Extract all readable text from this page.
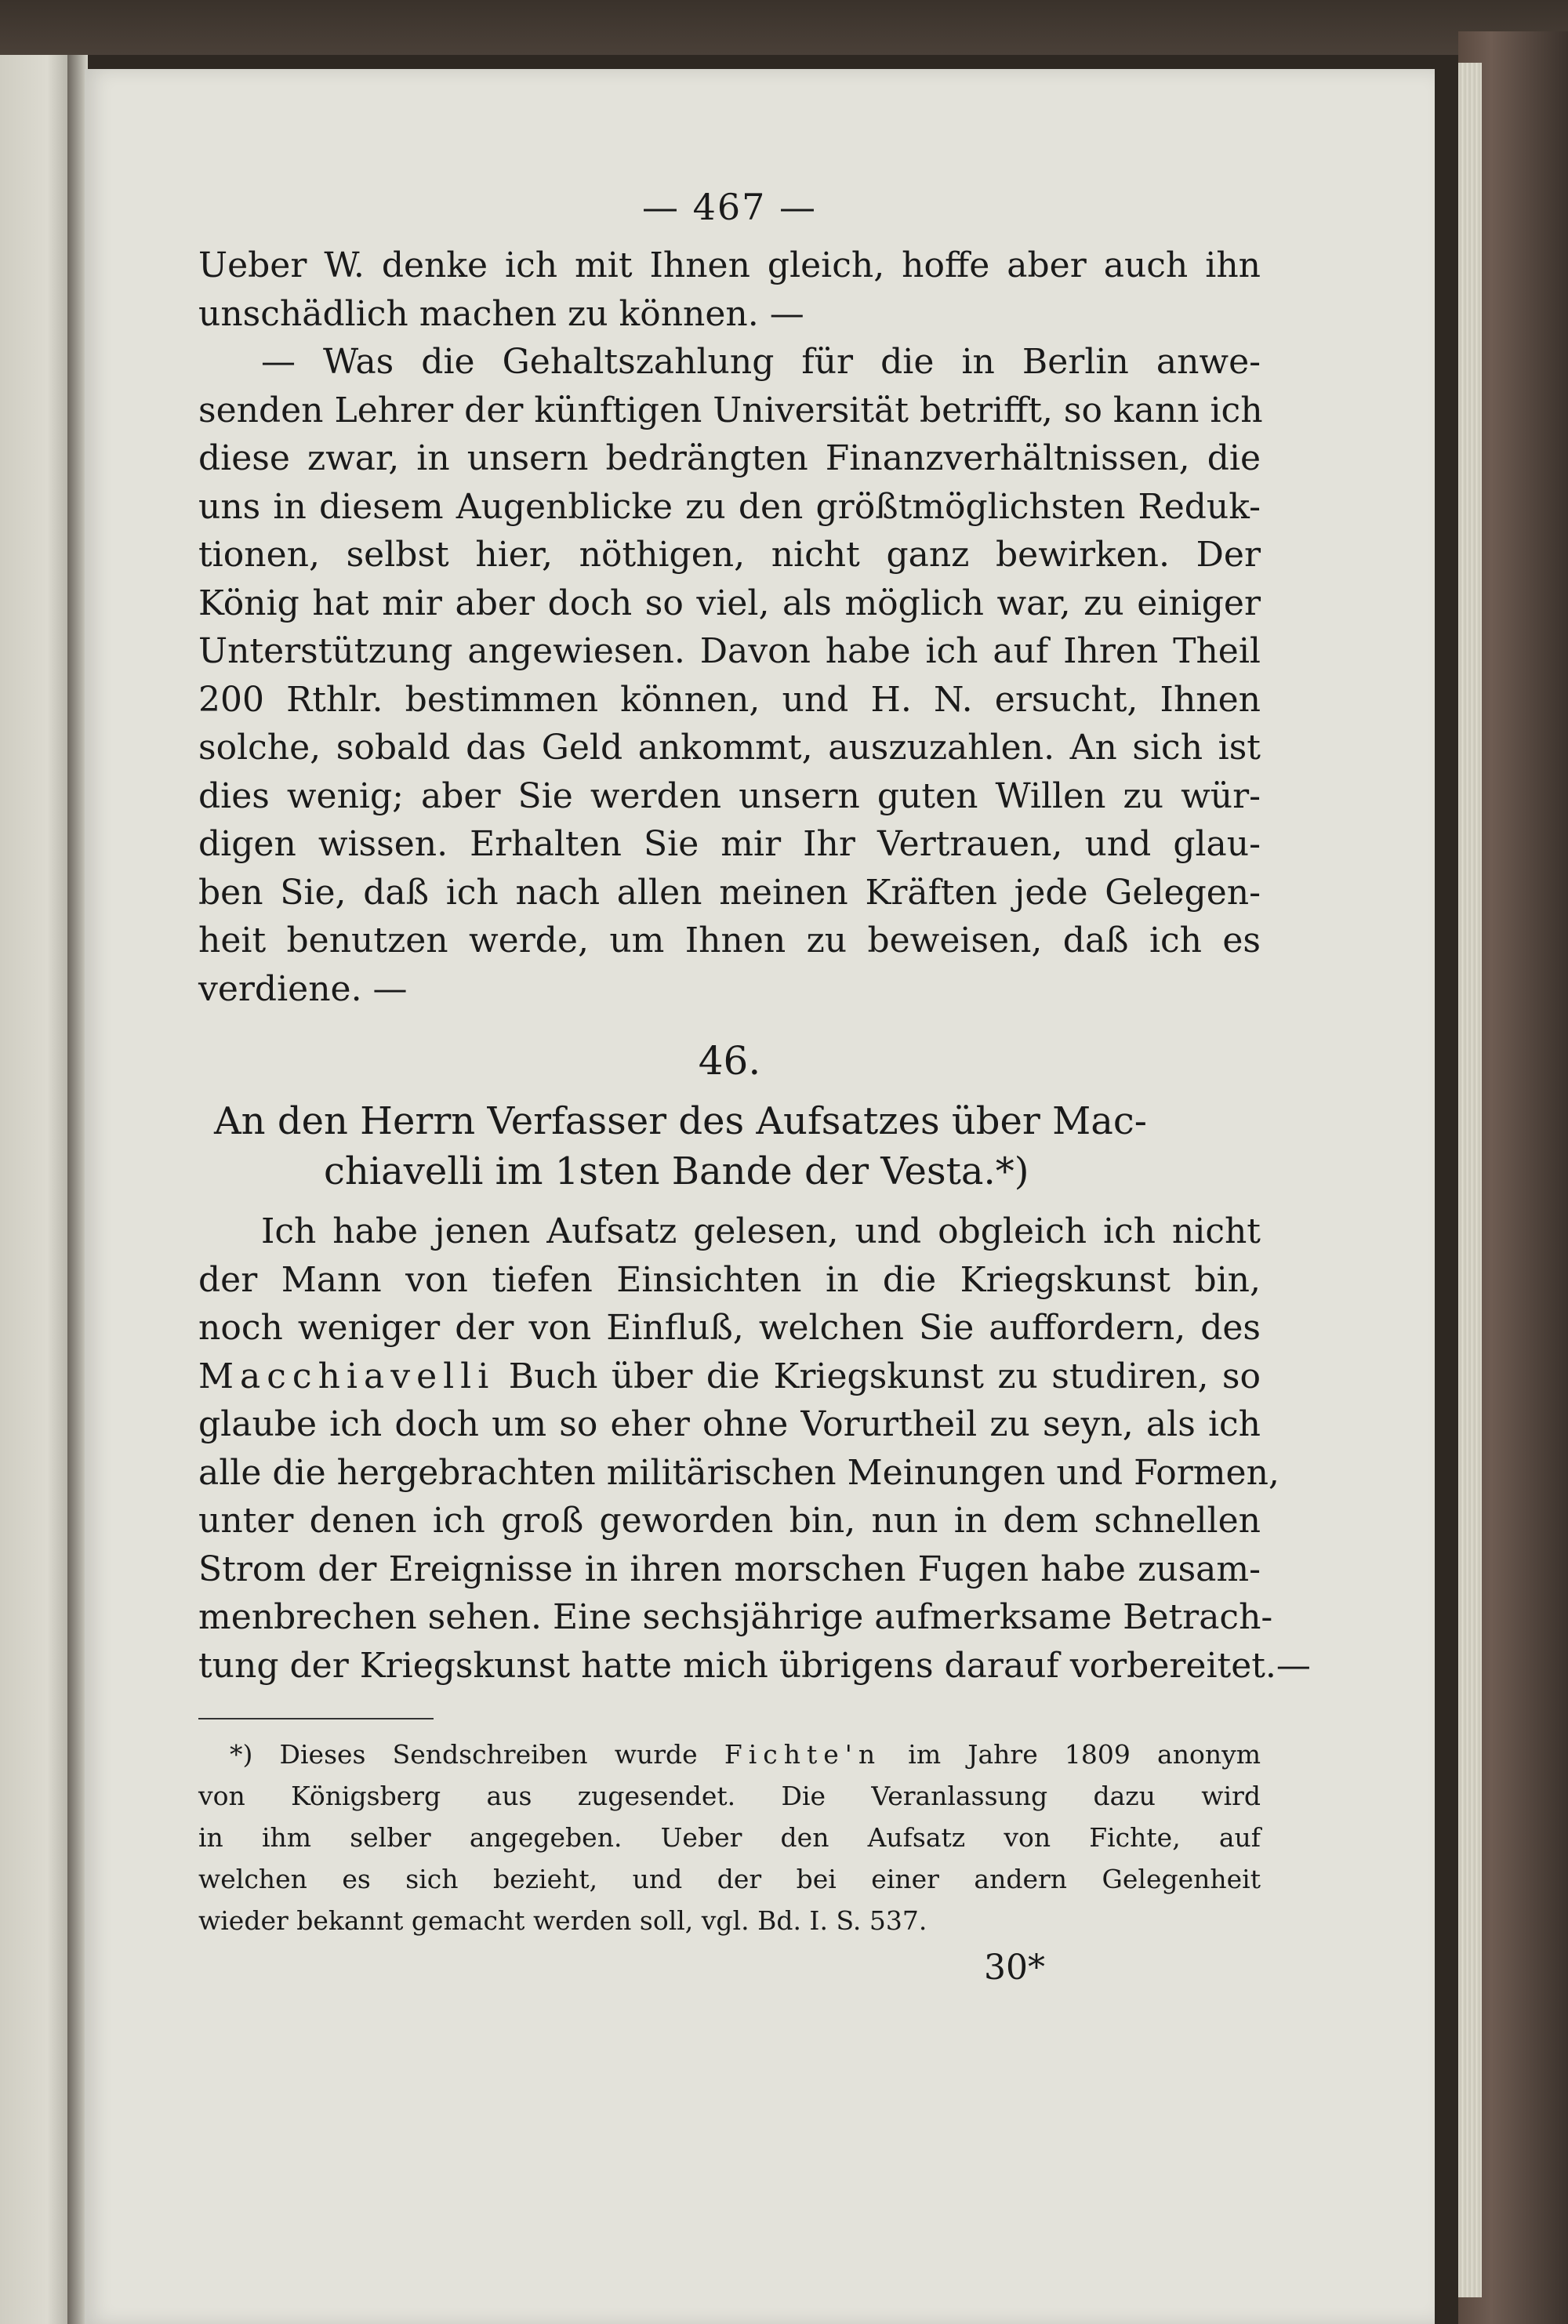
— 467 —
Ueber W. denke ich mit Ihnen gleich, hoffe aber auch ihn
unschädlich machen zu können. —
— Was die Gehaltszahlung für die in Berlin anwe-
senden Lehrer der künftigen Universität betrifft, so kann ich
diese zwar, in unsern bedrängten Finanzverhältnissen, die
uns in diesem Augenblicke zu den größtmöglichsten Reduk-
tionen, selbst hier, nöthigen, nicht ganz bewirken. Der
König hat mir aber doch so viel, als möglich war, zu einiger
Unterstützung angewiesen. Davon habe ich auf Ihren Theil
200 Rthlr. bestimmen können, und H. N. ersucht, Ihnen
solche, sobald das Geld ankommt, auszuzahlen. An sich ist
dies wenig; aber Sie werden unsern guten Willen zu wür-
digen wissen. Erhalten Sie mir Ihr Vertrauen, und glau-
ben Sie, daß ich nach allen meinen Kräften jede Gelegen-
heit benutzen werde, um Ihnen zu beweisen, daß ich es
verdiene. —
46.
An den Herrn Verfasser des Aufsatzes über Mac-
chiavelli im 1sten Bande der Vesta.*)
Ich habe jenen Aufsatz gelesen, und obgleich ich nicht
der Mann von tiefen Einsichten in die Kriegskunst bin,
noch weniger der von Einfluß, welchen Sie auffordern, des
Macchiavelli Buch über die Kriegskunst zu studiren, so
glaube ich doch um so eher ohne Vorurtheil zu seyn, als ich
alle die hergebrachten militärischen Meinungen und Formen,
unter denen ich groß geworden bin, nun in dem schnellen
Strom der Ereignisse in ihren morschen Fugen habe zusam-
menbrechen sehen. Eine sechsjährige aufmerksame Betrach-
tung der Kriegskunst hatte mich übrigens darauf vorbereitet.—
*) Dieses Sendschreiben wurde Fichte'n im Jahre 1809 anonym
von Königsberg aus zugesendet. Die Veranlassung dazu wird
in ihm selber angegeben. Ueber den Aufsatz von Fichte, auf
welchen es sich bezieht, und der bei einer andern Gelegenheit
wieder bekannt gemacht werden soll, vgl. Bd. I. S. 537.
30*
